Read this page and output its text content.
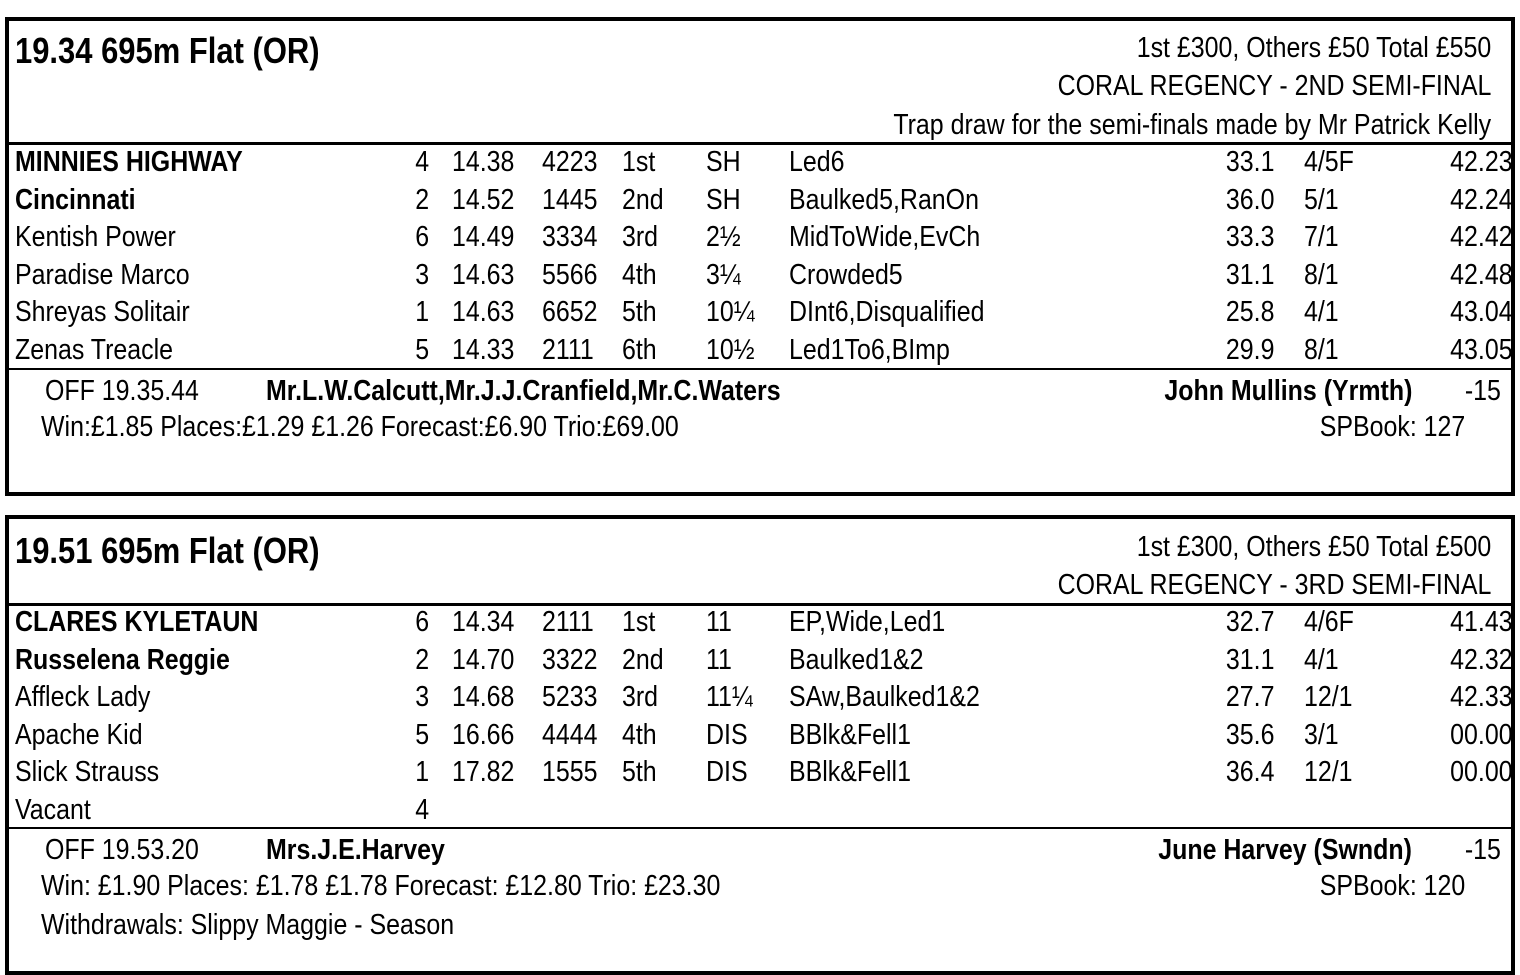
19.34 695m Flat (OR)	1st £300, Others £50 Total £550
CORAL REGENCY - 2ND SEMI-FINAL
Trap draw for the semi-finals made by Mr Patrick Kelly
MINNIES HIGHWAY	4 14.38 4223 1st SH Led6	33.1 4/5F	42.23
Cincinnati	2 14.52 1445 2nd SH Baulked5,RanOn	36.0 5/1	42.24
Kentish Power	6 14.49 3334 3rd 2½ MidToWide,EvCh	33.3 7/1	42.42
Paradise Marco	3 14.63 5566 4th 3¼ Crowded5	31.1 8/1	42.48
Shreyas Solitair	1 14.63 6652 5th 10¼ DInt6,Disqualified	25.8 4/1	43.04
Zenas Treacle	5 14.33 2111 6th 10½ Led1To6,BImp	29.9 8/1	43.05
OFF 19.35.44 Mr.L.W.Calcutt,Mr.J.J.Cranfield,Mr.C.Waters	John Mullins (Yrmth) -15
Win:£1.85 Places:£1.29 £1.26 Forecast:£6.90 Trio:£69.00	SPBook: 127
19.51 695m Flat (OR)	1st £300, Others £50 Total £500
CORAL REGENCY - 3RD SEMI-FINAL
CLARES KYLETAUN	6 14.34 2111 1st 11 EP,Wide,Led1	32.7 4/6F	41.43
Russelena Reggie	2 14.70 3322 2nd 11 Baulked1&2	31.1 4/1	42.32
Affleck Lady	3 14.68 5233 3rd 11¼ SAw,Baulked1&2	27.7 12/1	42.33
Apache Kid	5 16.66 4444 4th DIS BBlk&Fell1	35.6 3/1	00.00
Slick Strauss	1 17.82 1555 5th DIS BBlk&Fell1	36.4 12/1	00.00
Vacant	4
OFF 19.53.20 Mrs.J.E.Harvey	June Harvey (Swndn) -15
Win: £1.90 Places: £1.78 £1.78 Forecast: £12.80 Trio: £23.30	SPBook: 120
Withdrawals: Slippy Maggie - Season
